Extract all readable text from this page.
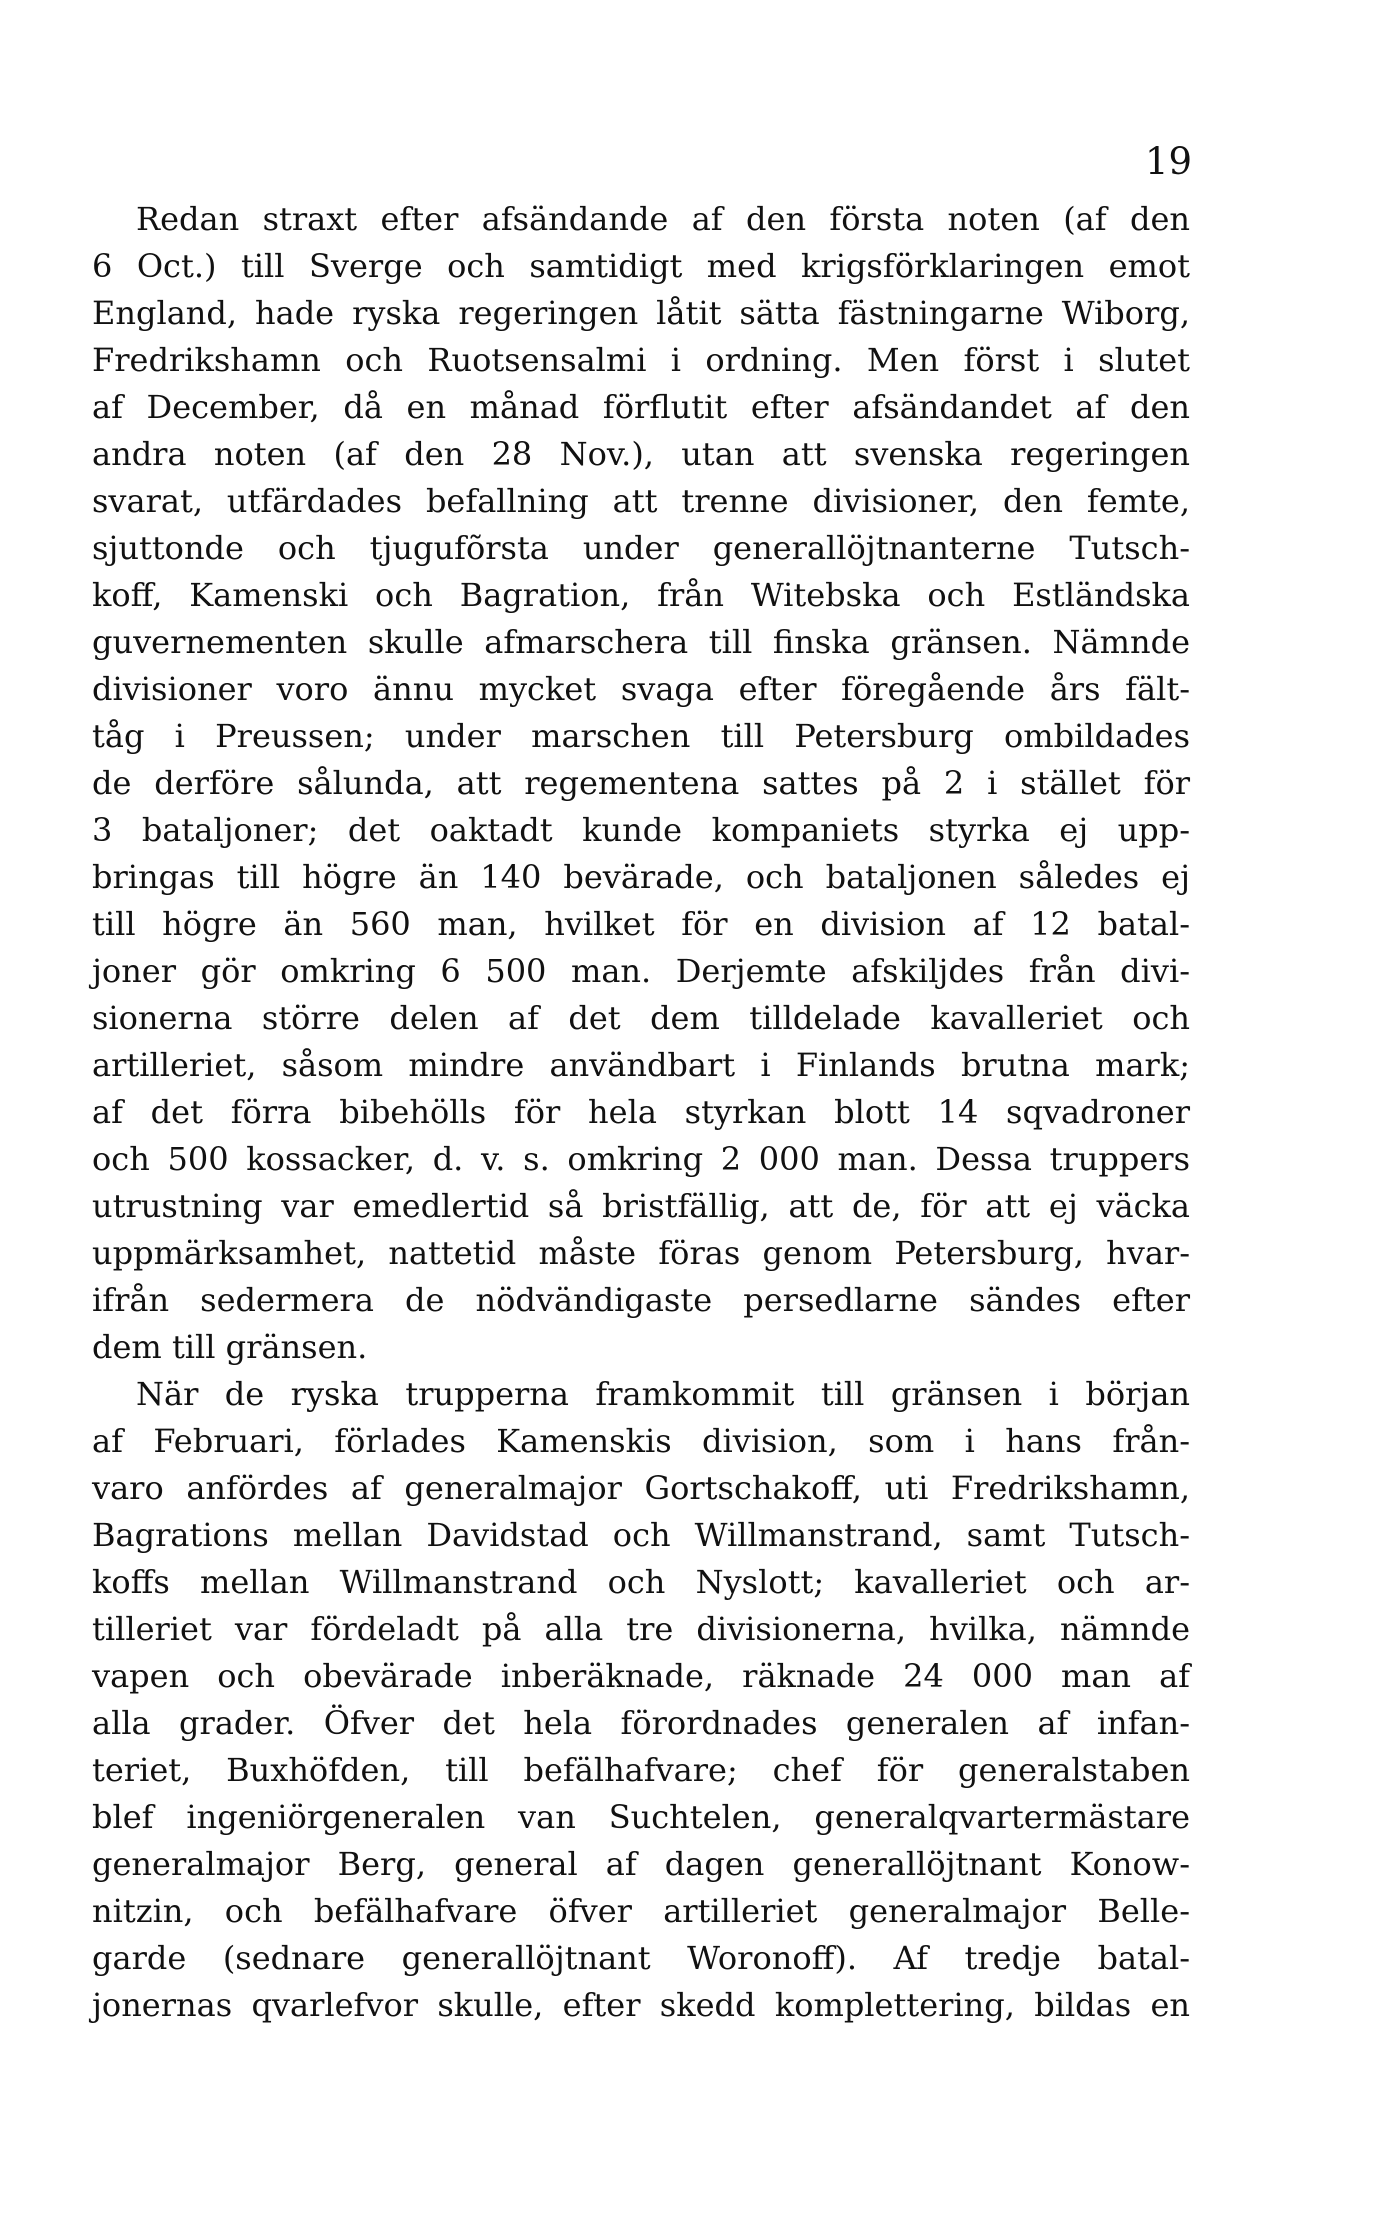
19
Redan straxt efter afsändande af den första noten (af den
6 Oct.) till Sverge och samtidigt med krigsförklaringen emot
England, hade ryska regeringen låtit sätta fästningarne Wiborg,
Fredrikshamn och Ruotsensalmi i ordning. Men först i slutet
af December, då en månad förflutit efter afsändandet af den
andra noten (af den 28 Nov.), utan att svenska regeringen
svarat, utfärdades befallning att trenne divisioner, den femte,
sjuttonde och tjugufõrsta under generallöjtnanterne Tutsch-
koff, Kamenski och Bagration, från Witebska och Estländska
guvernementen skulle afmarschera till finska gränsen. Nämnde
divisioner voro ännu mycket svaga efter föregående års fält-
tåg i Preussen; under marschen till Petersburg ombildades
de derföre sålunda, att regementena sattes på 2 i stället för
3 bataljoner; det oaktadt kunde kompaniets styrka ej upp-
bringas till högre än 140 bevärade, och bataljonen således ej
till högre än 560 man, hvilket för en division af 12 batal-
joner gör omkring 6 500 man. Derjemte afskiljdes från divi-
sionerna större delen af det dem tilldelade kavalleriet och
artilleriet, såsom mindre användbart i Finlands brutna mark;
af det förra bibehölls för hela styrkan blott 14 sqvadroner
och 500 kossacker, d. v. s. omkring 2 000 man. Dessa truppers
utrustning var emedlertid så bristfällig, att de, för att ej väcka
uppmärksamhet, nattetid måste föras genom Petersburg, hvar-
ifrån sedermera de nödvändigaste persedlarne sändes efter
dem till gränsen.
När de ryska trupperna framkommit till gränsen i början
af Februari, förlades Kamenskis division, som i hans från-
varo anfördes af generalmajor Gortschakoff, uti Fredrikshamn,
Bagrations mellan Davidstad och Willmanstrand, samt Tutsch-
koffs mellan Willmanstrand och Nyslott; kavalleriet och ar-
tilleriet var fördeladt på alla tre divisionerna, hvilka, nämnde
vapen och obevärade inberäknade, räknade 24 000 man af
alla grader. Öfver det hela förordnades generalen af infan-
teriet, Buxhöfden, till befälhafvare; chef för generalstaben
blef ingeniörgeneralen van Suchtelen, generalqvartermästare
generalmajor Berg, general af dagen generallöjtnant Konow-
nitzin, och befälhafvare öfver artilleriet generalmajor Belle-
garde (sednare generallöjtnant Woronoff). Af tredje batal-
jonernas qvarlefvor skulle, efter skedd komplettering, bildas en
